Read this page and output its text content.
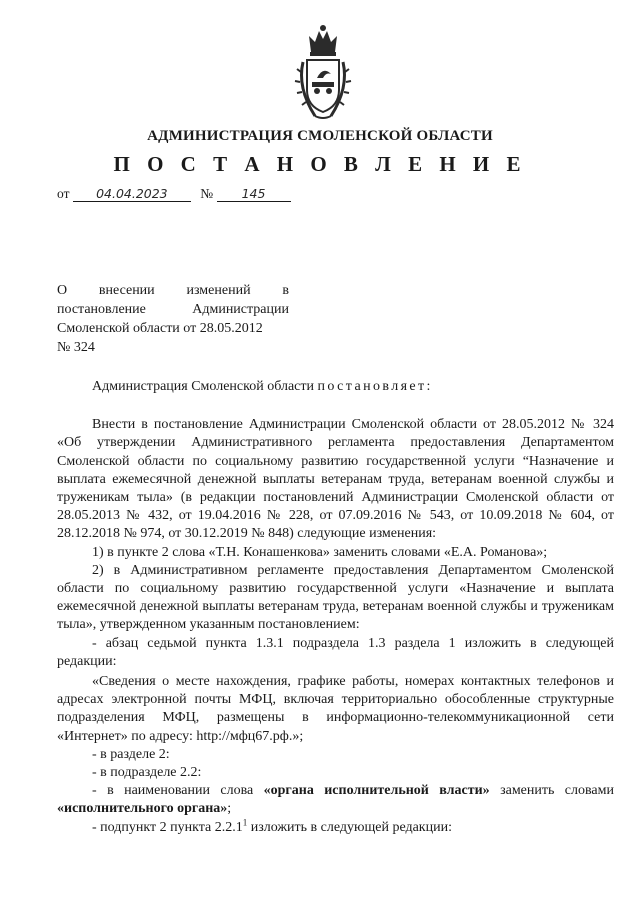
АДМИНИСТРАЦИЯ СМОЛЕНСКОЙ ОБЛАСТИ
П О С Т А Н О В Л Е Н И Е
от 04.04.2023 № 145
О внесении изменений в
постановление Администрации
Смоленской области от 28.05.2012
№ 324

Администрация Смоленской области постановляет:

Внести в постановление Администрации Смоленской области от 28.05.2012 № 324 «Об утверждении Административного регламента предоставления Департаментом Смоленской области по социальному развитию государственной услуги “Назначение и выплата ежемесячной денежной выплаты ветеранам труда, ветеранам военной службы и труженикам тыла» (в редакции постановлений Администрации Смоленской области от 28.05.2013 № 432, от 19.04.2016 № 228, от 07.09.2016 № 543, от 10.09.2018 № 604, от 28.12.2018 № 974, от 30.12.2019 № 848) следующие изменения:

1) в пункте 2 слова «Т.Н. Конашенкова» заменить словами «Е.А. Романова»;

2) в Административном регламенте предоставления Департаментом Смоленской области по социальному развитию государственной услуги «Назначение и выплата ежемесячной денежной выплаты ветеранам труда, ветеранам военной службы и труженикам тыла», утвержденном указанным постановлением:

- абзац седьмой пункта 1.3.1 подраздела 1.3 раздела 1 изложить в следующей редакции:

«Сведения о месте нахождения, графике работы, номерах контактных телефонов и адресах электронной почты МФЦ, включая территориально обособленные структурные подразделения МФЦ, размещены в информационно-телекоммуникационной сети «Интернет» по адресу: http://мфц67.рф.»;

- в разделе 2:

- в подразделе 2.2:

- в наименовании слова «органа исполнительной власти» заменить словами «исполнительного органа»;

- подпункт 2 пункта 2.2.1$^1$ изложить в следующей редакции:
